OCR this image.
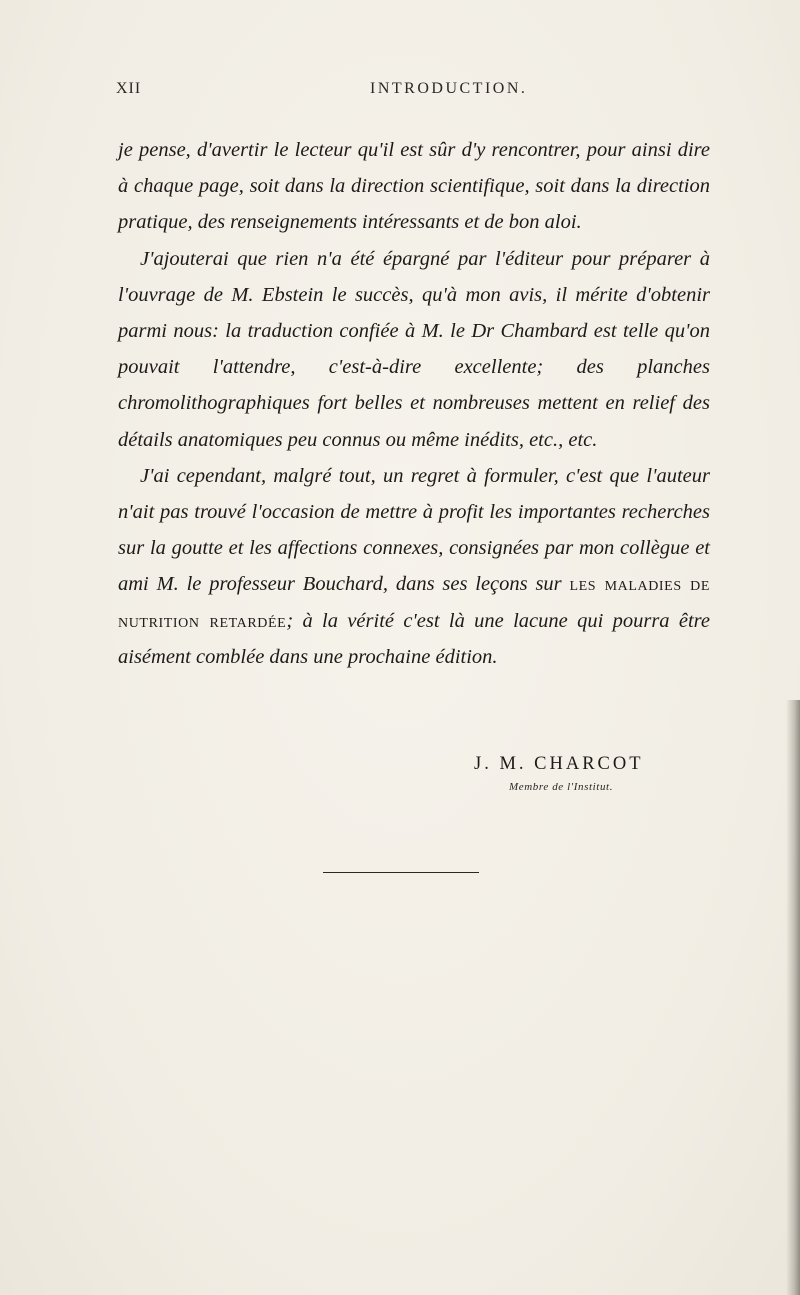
XII	INTRODUCTION.

je pense, d'avertir le lecteur qu'il est sûr d'y rencontrer, pour ainsi dire à chaque page, soit dans la direction scientifique, soit dans la direction pratique, des renseignements intéressants et de bon aloi.

J'ajouterai que rien n'a été épargné par l'éditeur pour préparer à l'ouvrage de M. Ebstein le succès, qu'à mon avis, il mérite d'obtenir parmi nous: la traduction confiée à M. le Dr Chambard est telle qu'on pouvait l'attendre, c'est-à-dire excellente; des planches chromolithographiques fort belles et nombreuses mettent en relief des détails anatomiques peu connus ou même inédits, etc., etc.

J'ai cependant, malgré tout, un regret à formuler, c'est que l'auteur n'ait pas trouvé l'occasion de mettre à profit les importantes recherches sur la goutte et les affections connexes, consignées par mon collègue et ami M. le professeur Bouchard, dans ses leçons sur les maladies de nutrition retardée; à la vérité c'est là une lacune qui pourra être aisément comblée dans une prochaine édition.

J. M. CHARCOT
Membre de l'Institut.
